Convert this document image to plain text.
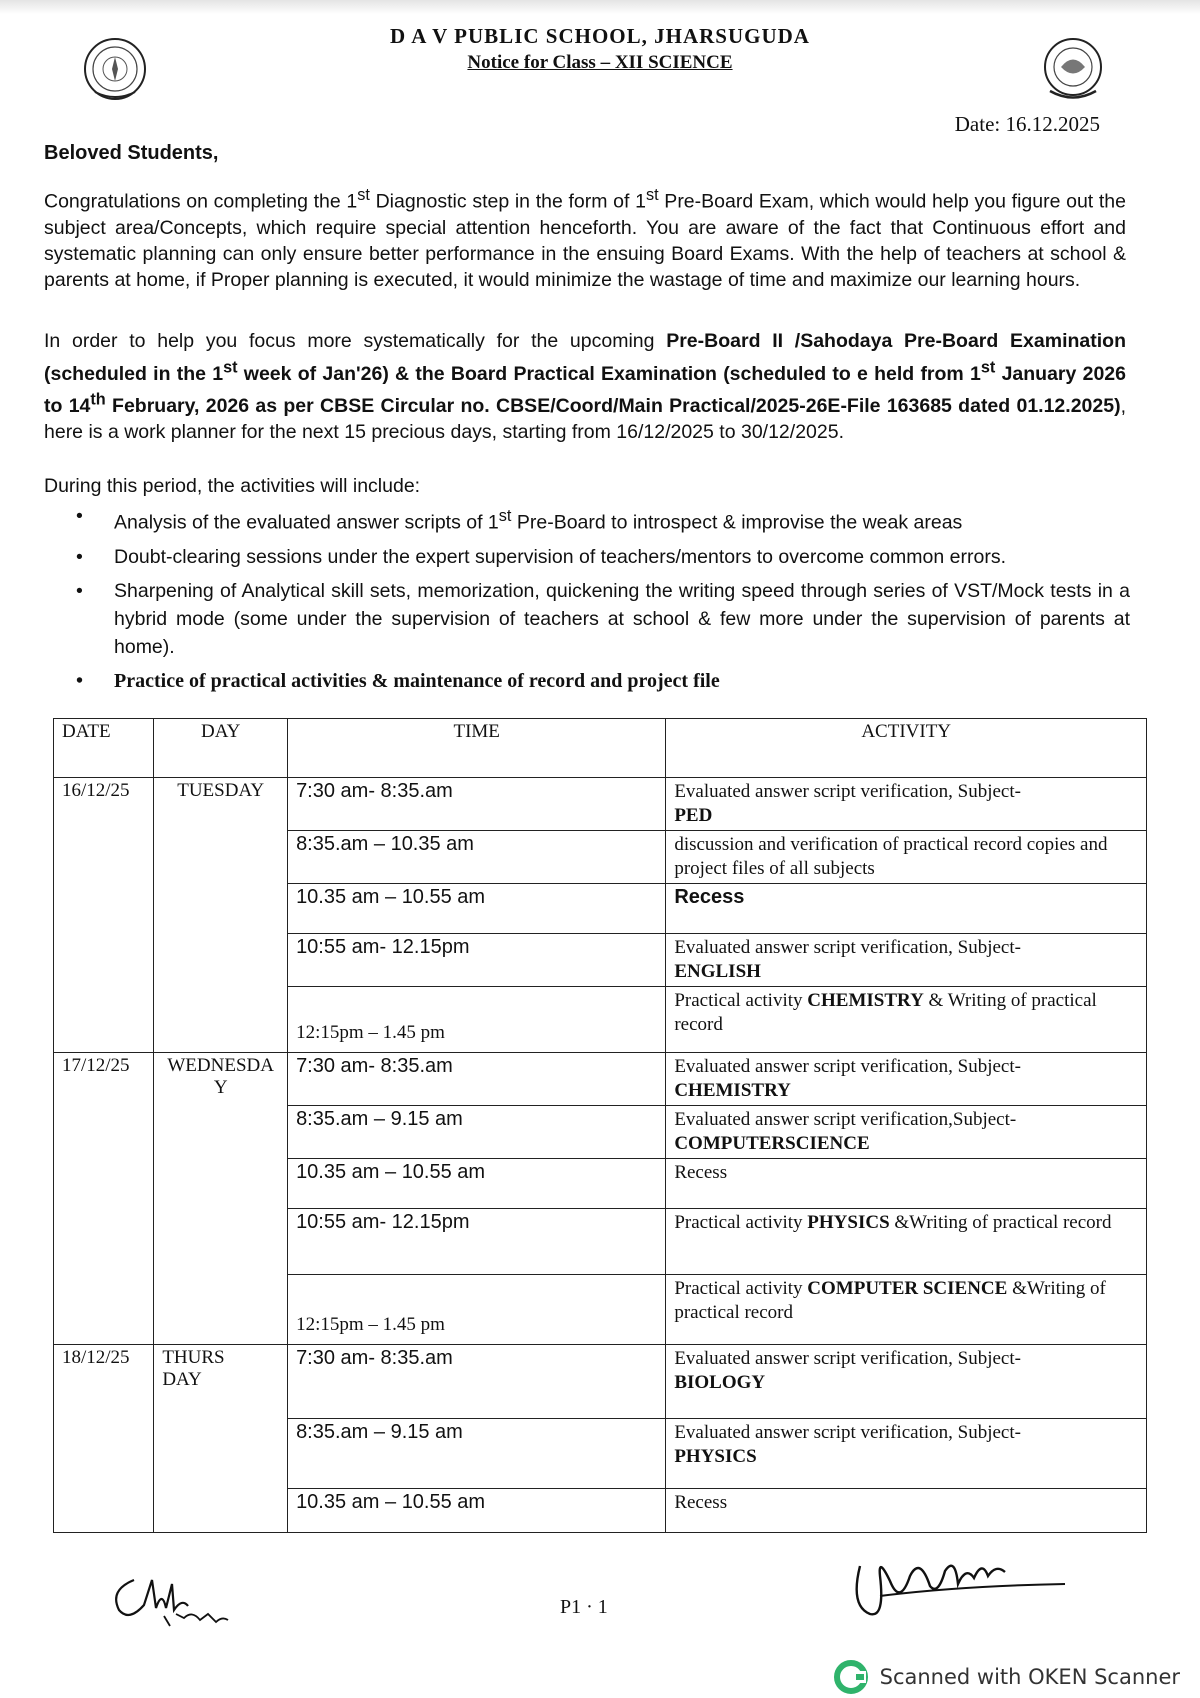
D A V PUBLIC SCHOOL, JHARSUGUDA
Notice for Class – XII SCIENCE
Date: 16.12.2025
Beloved Students,
Congratulations on completing the 1st Diagnostic step in the form of 1st Pre-Board Exam, which would help you figure out the subject area/Concepts, which require special attention henceforth. You are aware of the fact that Continuous effort and systematic planning can only ensure better performance in the ensuing Board Exams. With the help of teachers at school & parents at home, if Proper planning is executed, it would minimize the wastage of time and maximize our learning hours.
In order to help you focus more systematically for the upcoming Pre-Board II /Sahodaya Pre-Board Examination (scheduled in the 1st week of Jan'26) & the Board Practical Examination (scheduled to e held from 1st January 2026 to 14th February, 2026 as per CBSE Circular no. CBSE/Coord/Main Practical/2025-26E-File 163685 dated 01.12.2025), here is a work planner for the next 15 precious days, starting from 16/12/2025 to 30/12/2025.
During this period, the activities will include:
• Analysis of the evaluated answer scripts of 1st Pre-Board to introspect & improvise the weak areas
• Doubt-clearing sessions under the expert supervision of teachers/mentors to overcome common errors.
• Sharpening of Analytical skill sets, memorization, quickening the writing speed through series of VST/Mock tests in a hybrid mode (some under the supervision of teachers at school & few more under the supervision of parents at home).
• Practice of practical activities & maintenance of record and project file
DATE	DAY	TIME	ACTIVITY
16/12/25	TUESDAY	7:30 am- 8:35.am	Evaluated answer script verification, Subject-
PED
		8:35.am – 10.35 am	discussion and verification of practical record copies and project files of all subjects
		10.35 am – 10.55 am	Recess
		10:55 am- 12.15pm	Evaluated answer script verification, Subject-
ENGLISH
		12:15pm – 1.45 pm	Practical activity CHEMISTRY & Writing of practical record
17/12/25	WEDNESDA Y	7:30 am- 8:35.am	Evaluated answer script verification, Subject-
CHEMISTRY
		8:35.am – 9.15 am	Evaluated answer script verification,Subject-
COMPUTERSCIENCE
		10.35 am – 10.55 am	Recess
		10:55 am- 12.15pm	Practical activity PHYSICS &Writing of practical record
		12:15pm – 1.45 pm	Practical activity COMPUTER SCIENCE &Writing of practical record
18/12/25	THURS DAY	7:30 am- 8:35.am	Evaluated answer script verification, Subject-
BIOLOGY
		8:35.am – 9.15 am	Evaluated answer script verification, Subject-
PHYSICS
		10.35 am – 10.55 am	Recess
P1 · 1
Scanned with OKEN Scanner
